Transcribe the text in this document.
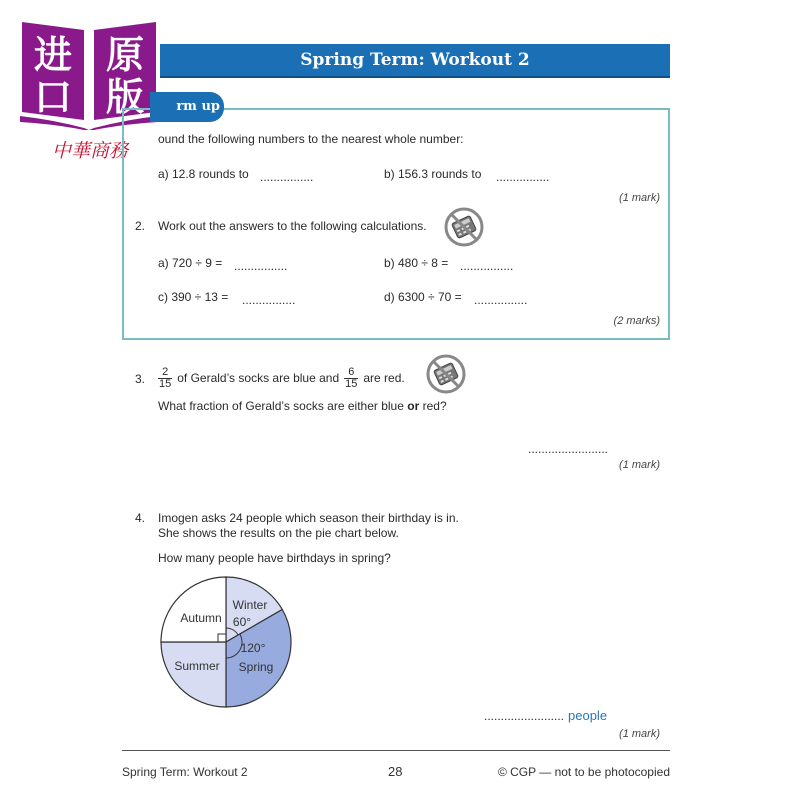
进 原
口 版
中華商務
Spring Term: Workout 2
rm up
ound the following numbers to the nearest whole number:
a) 12.8 rounds to ................	b) 156.3 rounds to ................
(1 mark)
2. Work out the answers to the following calculations.
a) 720 ÷ 9 = ................	b) 480 ÷ 8 = ................
c) 390 ÷ 13 = ................	d) 6300 ÷ 70 = ................
(2 marks)
3. $\frac{2}{15}$ of Gerald’s socks are blue and $\frac{6}{15}$ are red.
What fraction of Gerald’s socks are either blue or red?
........................
(1 mark)
4. Imogen asks 24 people which season their birthday is in.
She shows the results on the pie chart below.
How many people have birthdays in spring?
Autumn
Winter
60°
120°
Spring
Summer
........................ people
(1 mark)
Spring Term: Workout 2	28	© CGP — not to be photocopied
